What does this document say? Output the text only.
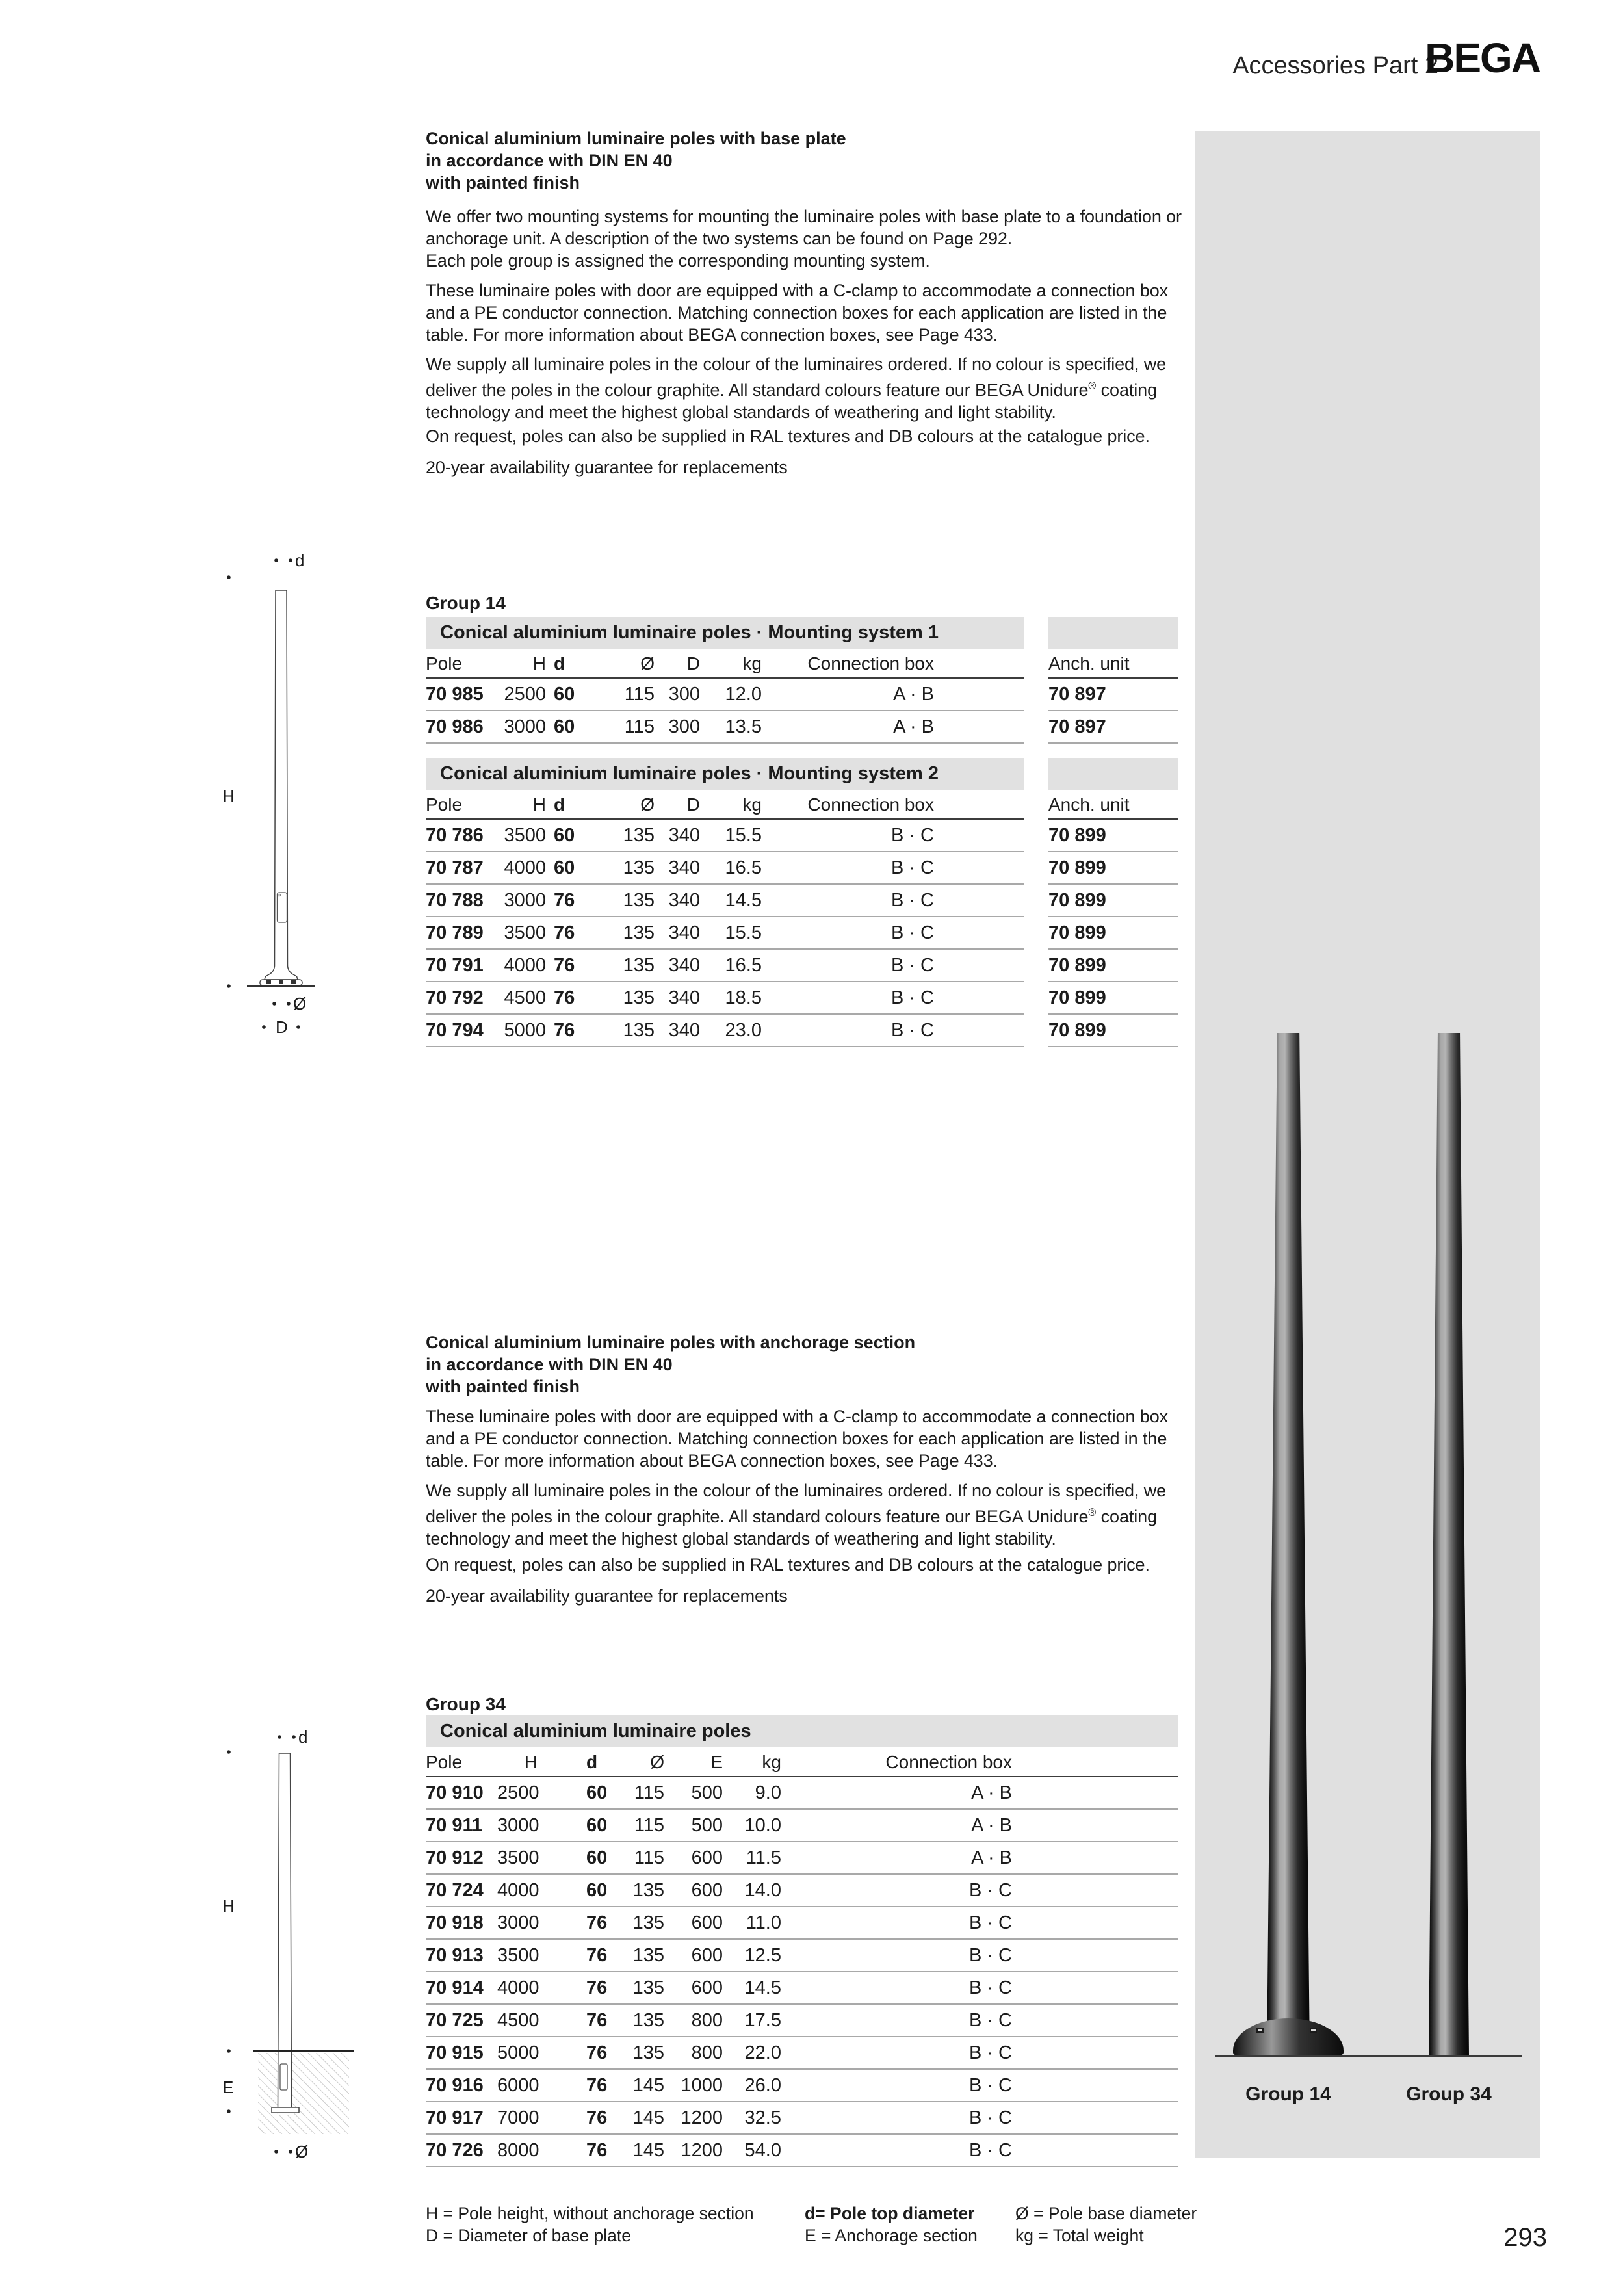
Accessories Part 2
BEGA
Conical aluminium luminaire poles with base plate
in accordance with DIN EN 40
with painted finish
We offer two mounting systems for mounting the luminaire poles with base plate to a foundation or anchorage unit. A description of the two systems can be found on Page 292.
Each pole group is assigned the corresponding mounting system.
These luminaire poles with door are equipped with a C-clamp to accommodate a connection box and a PE conductor connection. Matching connection boxes for each application are listed in the table. For more information about BEGA connection boxes, see Page 433.
We supply all luminaire poles in the colour of the luminaires ordered. If no colour is specified, we deliver the poles in the colour graphite. All standard colours feature our BEGA Unidure® coating technology and meet the highest global standards of weathering and light stability.
On request, poles can also be supplied in RAL textures and DB colours at the catalogue price.
20-year availability guarantee for replacements
Group 14
Conical aluminium luminaire poles · Mounting system 1
Pole	H d	Ø	D	kg	Connection box	Anch. unit
70 985	2500 60	115 300	12.0	A · B	70 897
70 986	3000 60	115 300	13.5	A · B	70 897
Conical aluminium luminaire poles · Mounting system 2
Pole	H d	Ø	D	kg	Connection box	Anch. unit
70 786	3500 60	135 340	15.5	B · C	70 899
70 787	4000 60	135 340	16.5	B · C	70 899
70 788	3000 76	135 340	14.5	B · C	70 899
70 789	3500 76	135 340	15.5	B · C	70 899
70 791	4000 76	135 340	16.5	B · C	70 899
70 792	4500 76	135 340	18.5	B · C	70 899
70 794	5000 76	135 340	23.0	B · C	70 899
d
H
Ø
D
Conical aluminium luminaire poles with anchorage section
in accordance with DIN EN 40
with painted finish
These luminaire poles with door are equipped with a C-clamp to accommodate a connection box and a PE conductor connection. Matching connection boxes for each application are listed in the table. For more information about BEGA connection boxes, see Page 433.
We supply all luminaire poles in the colour of the luminaires ordered. If no colour is specified, we deliver the poles in the colour graphite. All standard colours feature our BEGA Unidure® coating technology and meet the highest global standards of weathering and light stability.
On request, poles can also be supplied in RAL textures and DB colours at the catalogue price.
20-year availability guarantee for replacements
Group 34
Conical aluminium luminaire poles
Pole	H	d	Ø	E	kg	Connection box
70 910 2500 60	115	500	9.0	A · B
70 911 3000 60	115	500	10.0	A · B
70 912 3500 60	115	600	11.5	A · B
70 724 4000 60	135	600	14.0	B · C
70 918 3000 76	135	600	11.0	B · C
70 913 3500 76	135	600	12.5	B · C
70 914 4000 76	135	600	14.5	B · C
70 725 4500 76	135	800	17.5	B · C
70 915 5000 76	135	800	22.0	B · C
70 916 6000 76	145 1000	26.0	B · C
70 917 7000 76	145 1200	32.5	B · C
70 726 8000 76	145 1200	54.0	B · C
d
H
E
Ø
Group 14	Group 34
H = Pole height, without anchorage section
D = Diameter of base plate
d= Pole top diameter
E = Anchorage section
Ø = Pole base diameter
kg = Total weight	293
